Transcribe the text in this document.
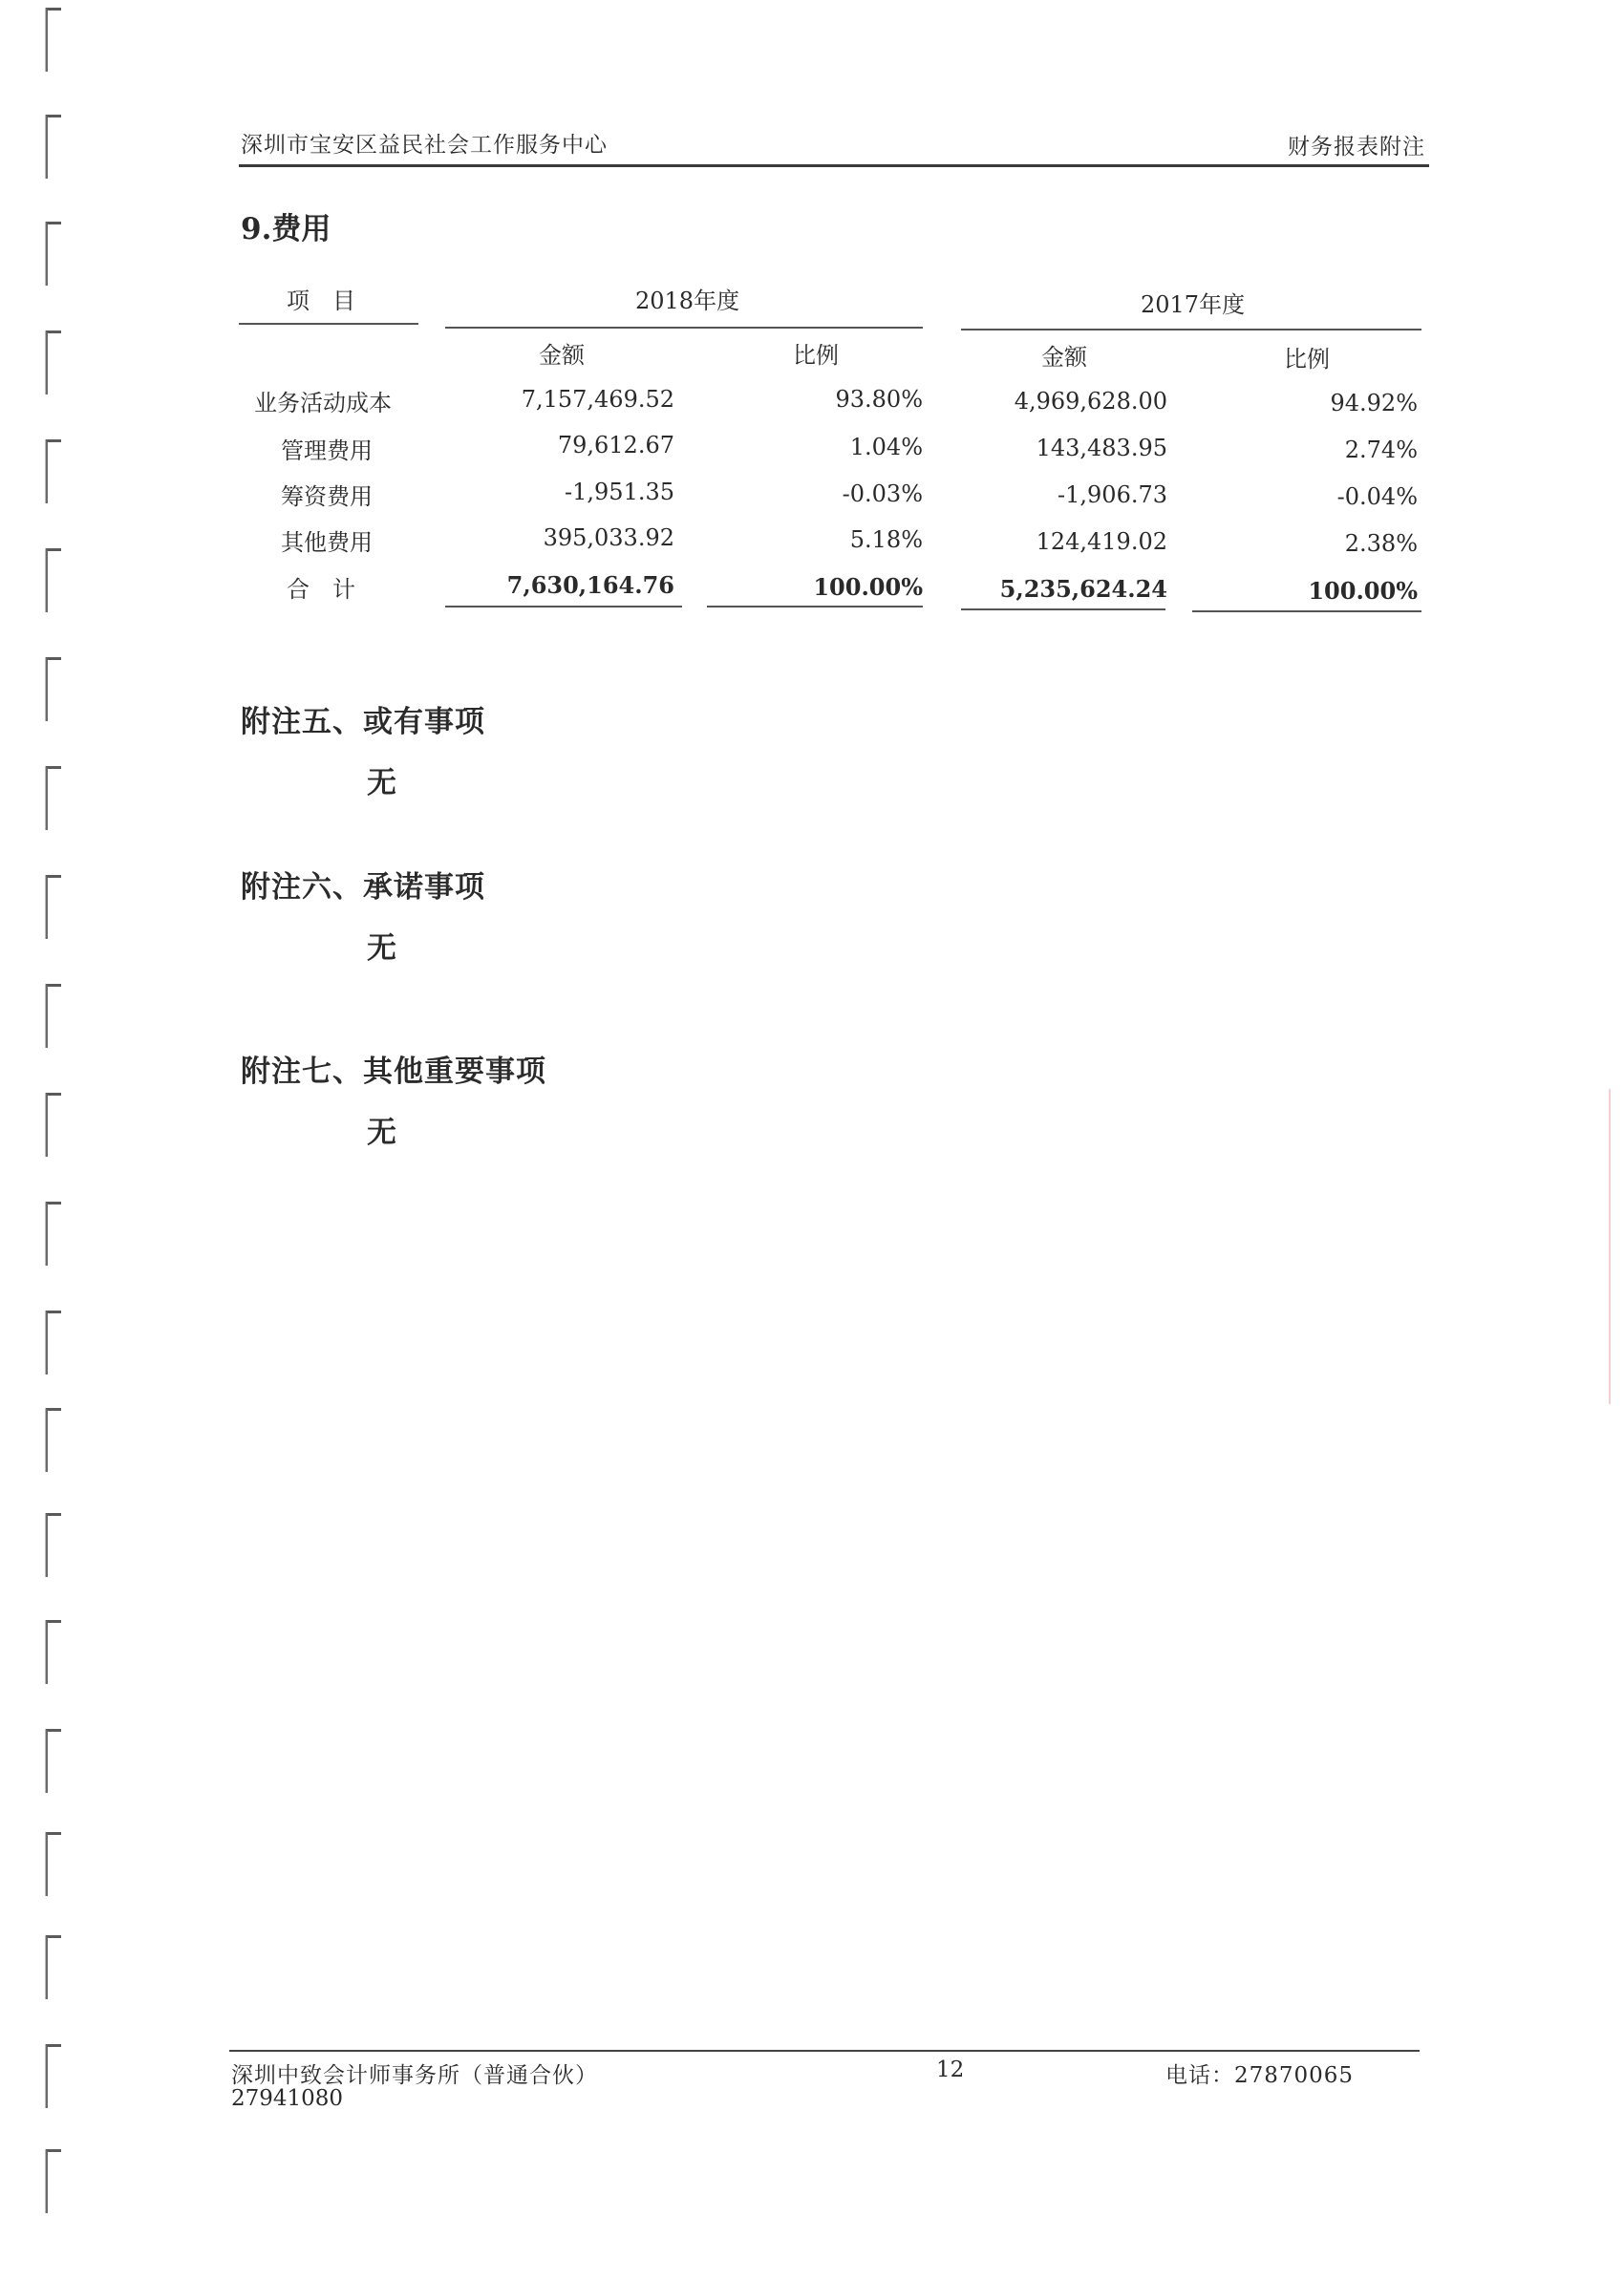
深圳市宝安区益民社会工作服务中心	财务报表附注
9.费用
项　目	2018年度	2017年度
金额	比例	金额	比例
业务活动成本	7,157,469.52	93.80%	4,969,628.00	94.92%
管理费用	79,612.67	1.04%	143,483.95	2.74%
筹资费用	-1,951.35	-0.03%	-1,906.73	-0.04%
其他费用	395,033.92	5.18%	124,419.02	2.38%
合　计	7,630,164.76	100.00%	5,235,624.24	100.00%
附注五、或有事项
无
附注六、承诺事项
无
附注七、其他重要事项
无
深圳中致会计师事务所（普通合伙）
27941080
12	电话：27870065
